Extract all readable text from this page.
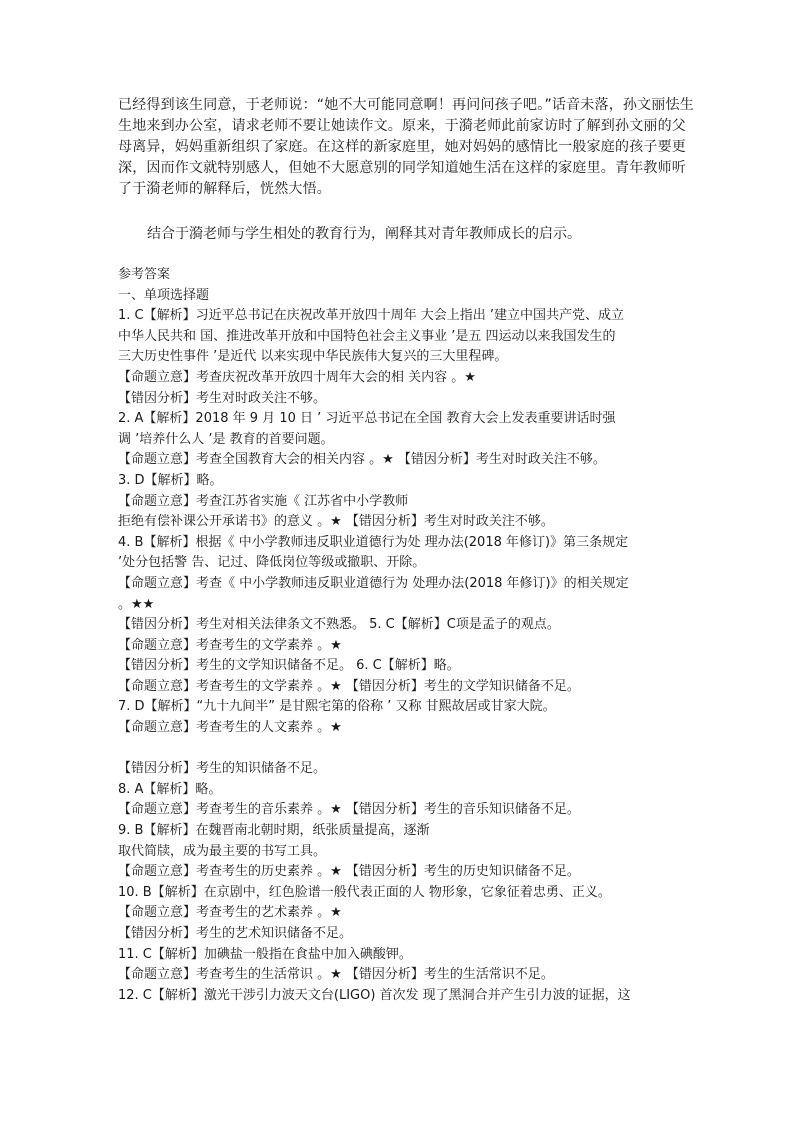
已经得到该生同意，于老师说：“她不大可能同意啊！再问问孩子吧。”话音未落，孙文丽怯生
生地来到办公室，请求老师不要让她读作文。原来，于漪老师此前家访时了解到孙文丽的父
母离异，妈妈重新组织了家庭。在这样的新家庭里，她对妈妈的感情比一般家庭的孩子要更
深，因而作文就特别感人，但她不大愿意别的同学知道她生活在这样的家庭里。青年教师听
了于漪老师的解释后，恍然大悟。
结合于漪老师与学生相处的教育行为，阐释其对青年教师成长的启示。
参考答案
一、单项选择题
1. C【解析】习近平总书记在庆祝改革开放四十周年 大会上指出 ’建立中国共产党、成立
中华人民共和 国、推进改革开放和中国特色社会主义事业 ’是五 四运动以来我国发生的
三大历史性事件 ’是近代 以来实现中华民族伟大复兴的三大里程碑。
【命题立意】考查庆祝改革开放四十周年大会的相 关内容 。★
【错因分析】考生对时政关注不够。
2. A【解析】2018 年 9 月 10 日 ’ 习近平总书记在全国 教育大会上发表重要讲话时强
调 ’培养什么人 ’是 教育的首要问题。
【命题立意】考查全国教育大会的相关内容 。★ 【错因分析】考生对时政关注不够。
3. D【解析】略。
【命题立意】考查江苏省实施《 江苏省中小学教师
拒绝有偿补课公开承诺书》的意义 。★ 【错因分析】考生对时政关注不够。
4. B【解析】根据《 中小学教师违反职业道德行为处 理办法(2018 年修订)》第三条规定
’处分包括警 告、记过、降低岗位等级或撤职、开除。
【命题立意】考查《 中小学教师违反职业道德行为 处理办法(2018 年修订)》的相关规定
。★★
【错因分析】考生对相关法律条文不熟悉。 5. C【解析】C项是孟子的观点。
【命题立意】考查考生的文学素养 。★
【错因分析】考生的文学知识储备不足。 6. C【解析】略。
【命题立意】考查考生的文学素养 。★ 【错因分析】考生的文学知识储备不足。
7. D【解析】“九十九间半” 是甘熙宅第的俗称 ’ 又称 甘熙故居或甘家大院。
【命题立意】考查考生的人文素养 。★
【错因分析】考生的知识储备不足。
8. A【解析】略。
【命题立意】考查考生的音乐素养 。★ 【错因分析】考生的音乐知识储备不足。
9. B【解析】在魏晋南北朝时期，纸张质量提高，逐渐
取代简牍，成为最主要的书写工具。
【命题立意】考查考生的历史素养 。★ 【错因分析】考生的历史知识储备不足。
10. B【解析】在京剧中，红色脸谱一般代表正面的人 物形象，它象征着忠勇、正义。
【命题立意】考查考生的艺术素养 。★
【错因分析】考生的艺术知识储备不足。
11. C【解析】加碘盐一般指在食盐中加入碘酸钾。
【命题立意】考查考生的生活常识 。★ 【错因分析】考生的生活常识不足。
12. C【解析】激光干涉引力波天文台(LIGO) 首次发 现了黑洞合并产生引力波的证据，这
